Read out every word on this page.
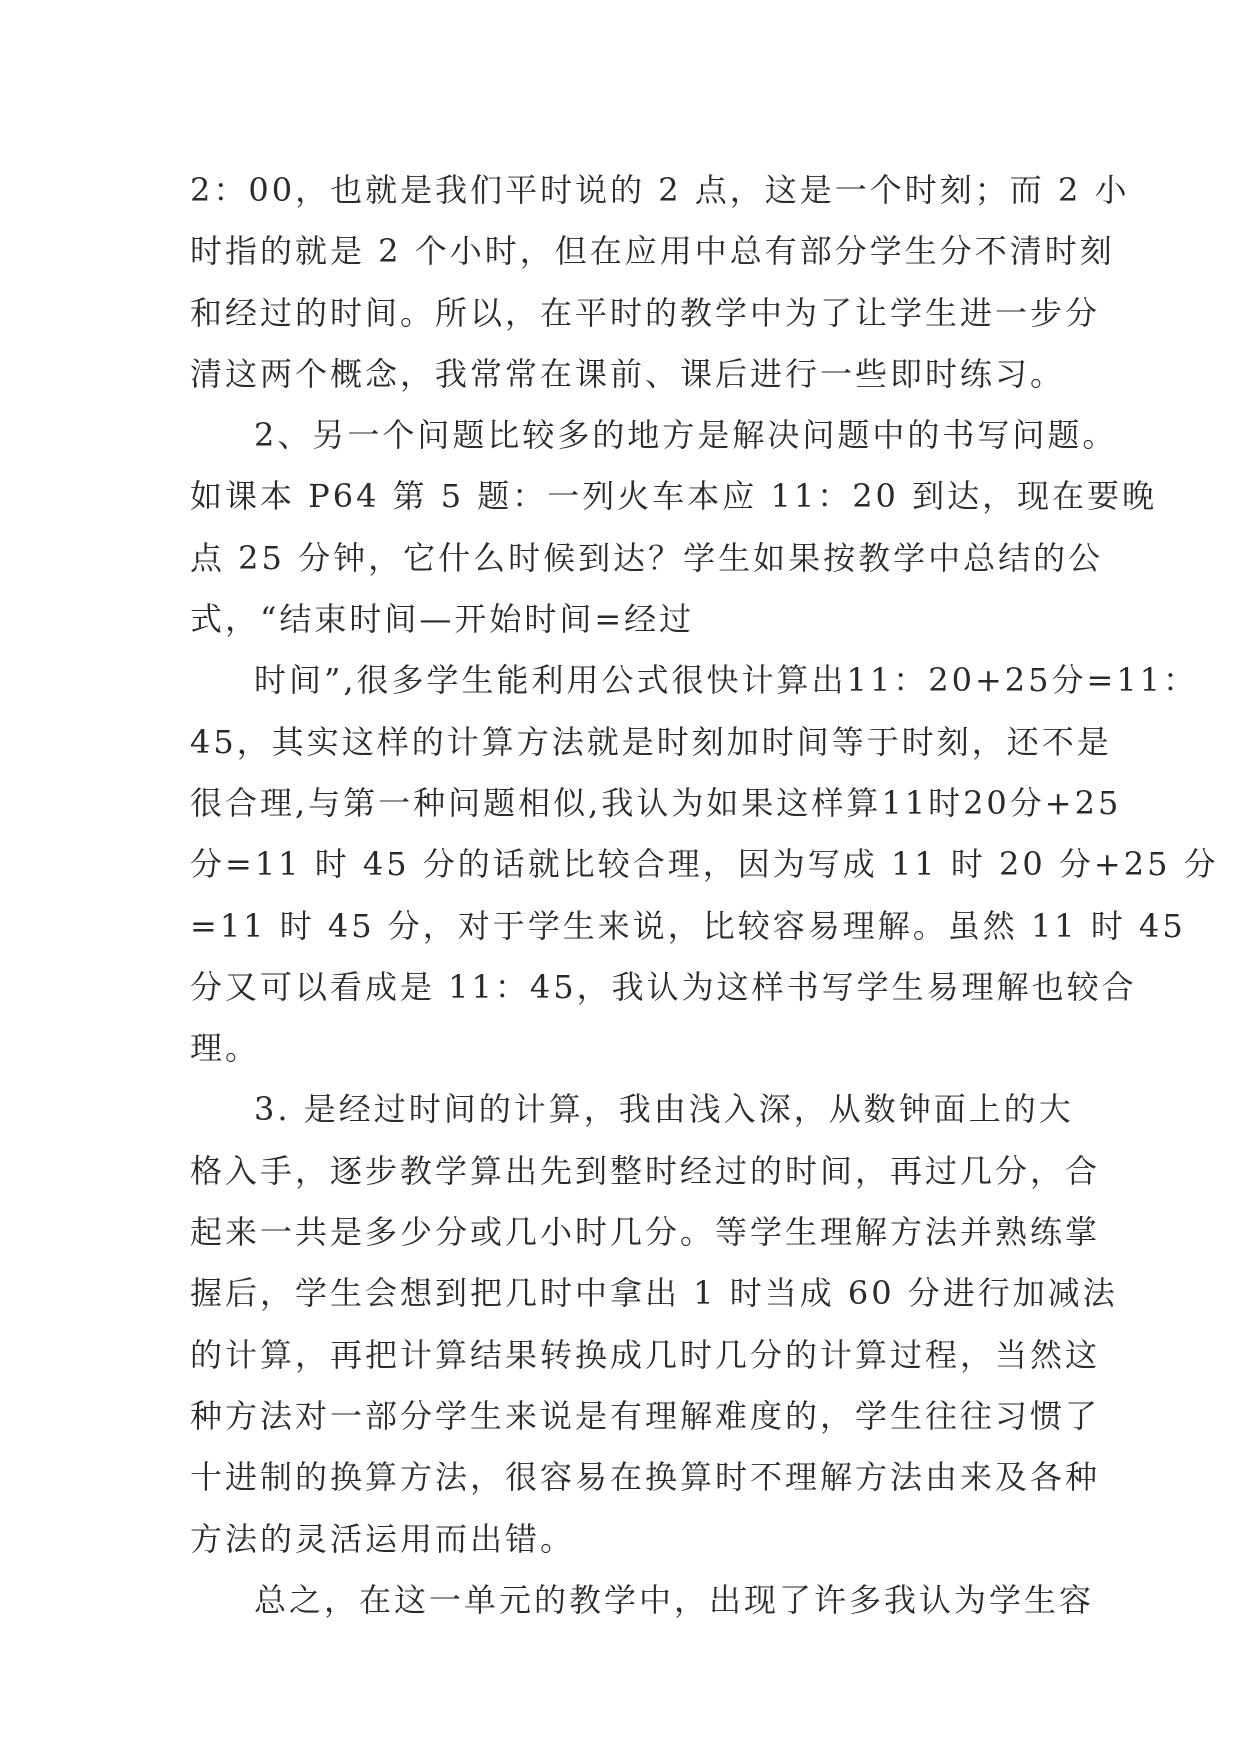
2：00，也就是我们平时说的 2 点，这是一个时刻；而 2 小
时指的就是 2 个小时，但在应用中总有部分学生分不清时刻
和经过的时间。所以，在平时的教学中为了让学生进一步分
清这两个概念，我常常在课前、课后进行一些即时练习。
2、另一个问题比较多的地方是解决问题中的书写问题。
如课本 P64 第 5 题：一列火车本应 11：20 到达，现在要晚
点 25 分钟，它什么时候到达？学生如果按教学中总结的公
式，“结束时间—开始时间=经过
时间”,很多学生能利用公式很快计算出11：20+25分=11：
45，其实这样的计算方法就是时刻加时间等于时刻，还不是
很合理,与第一种问题相似,我认为如果这样算11时20分+25
分=11 时 45 分的话就比较合理，因为写成 11 时 20 分+25 分
=11 时 45 分，对于学生来说，比较容易理解。虽然 11 时 45
分又可以看成是 11：45，我认为这样书写学生易理解也较合
理。
3. 是经过时间的计算，我由浅入深，从数钟面上的大
格入手，逐步教学算出先到整时经过的时间，再过几分，合
起来一共是多少分或几小时几分。等学生理解方法并熟练掌
握后，学生会想到把几时中拿出 1 时当成 60 分进行加减法
的计算，再把计算结果转换成几时几分的计算过程，当然这
种方法对一部分学生来说是有理解难度的，学生往往习惯了
十进制的换算方法，很容易在换算时不理解方法由来及各种
方法的灵活运用而出错。
总之，在这一单元的教学中，出现了许多我认为学生容
